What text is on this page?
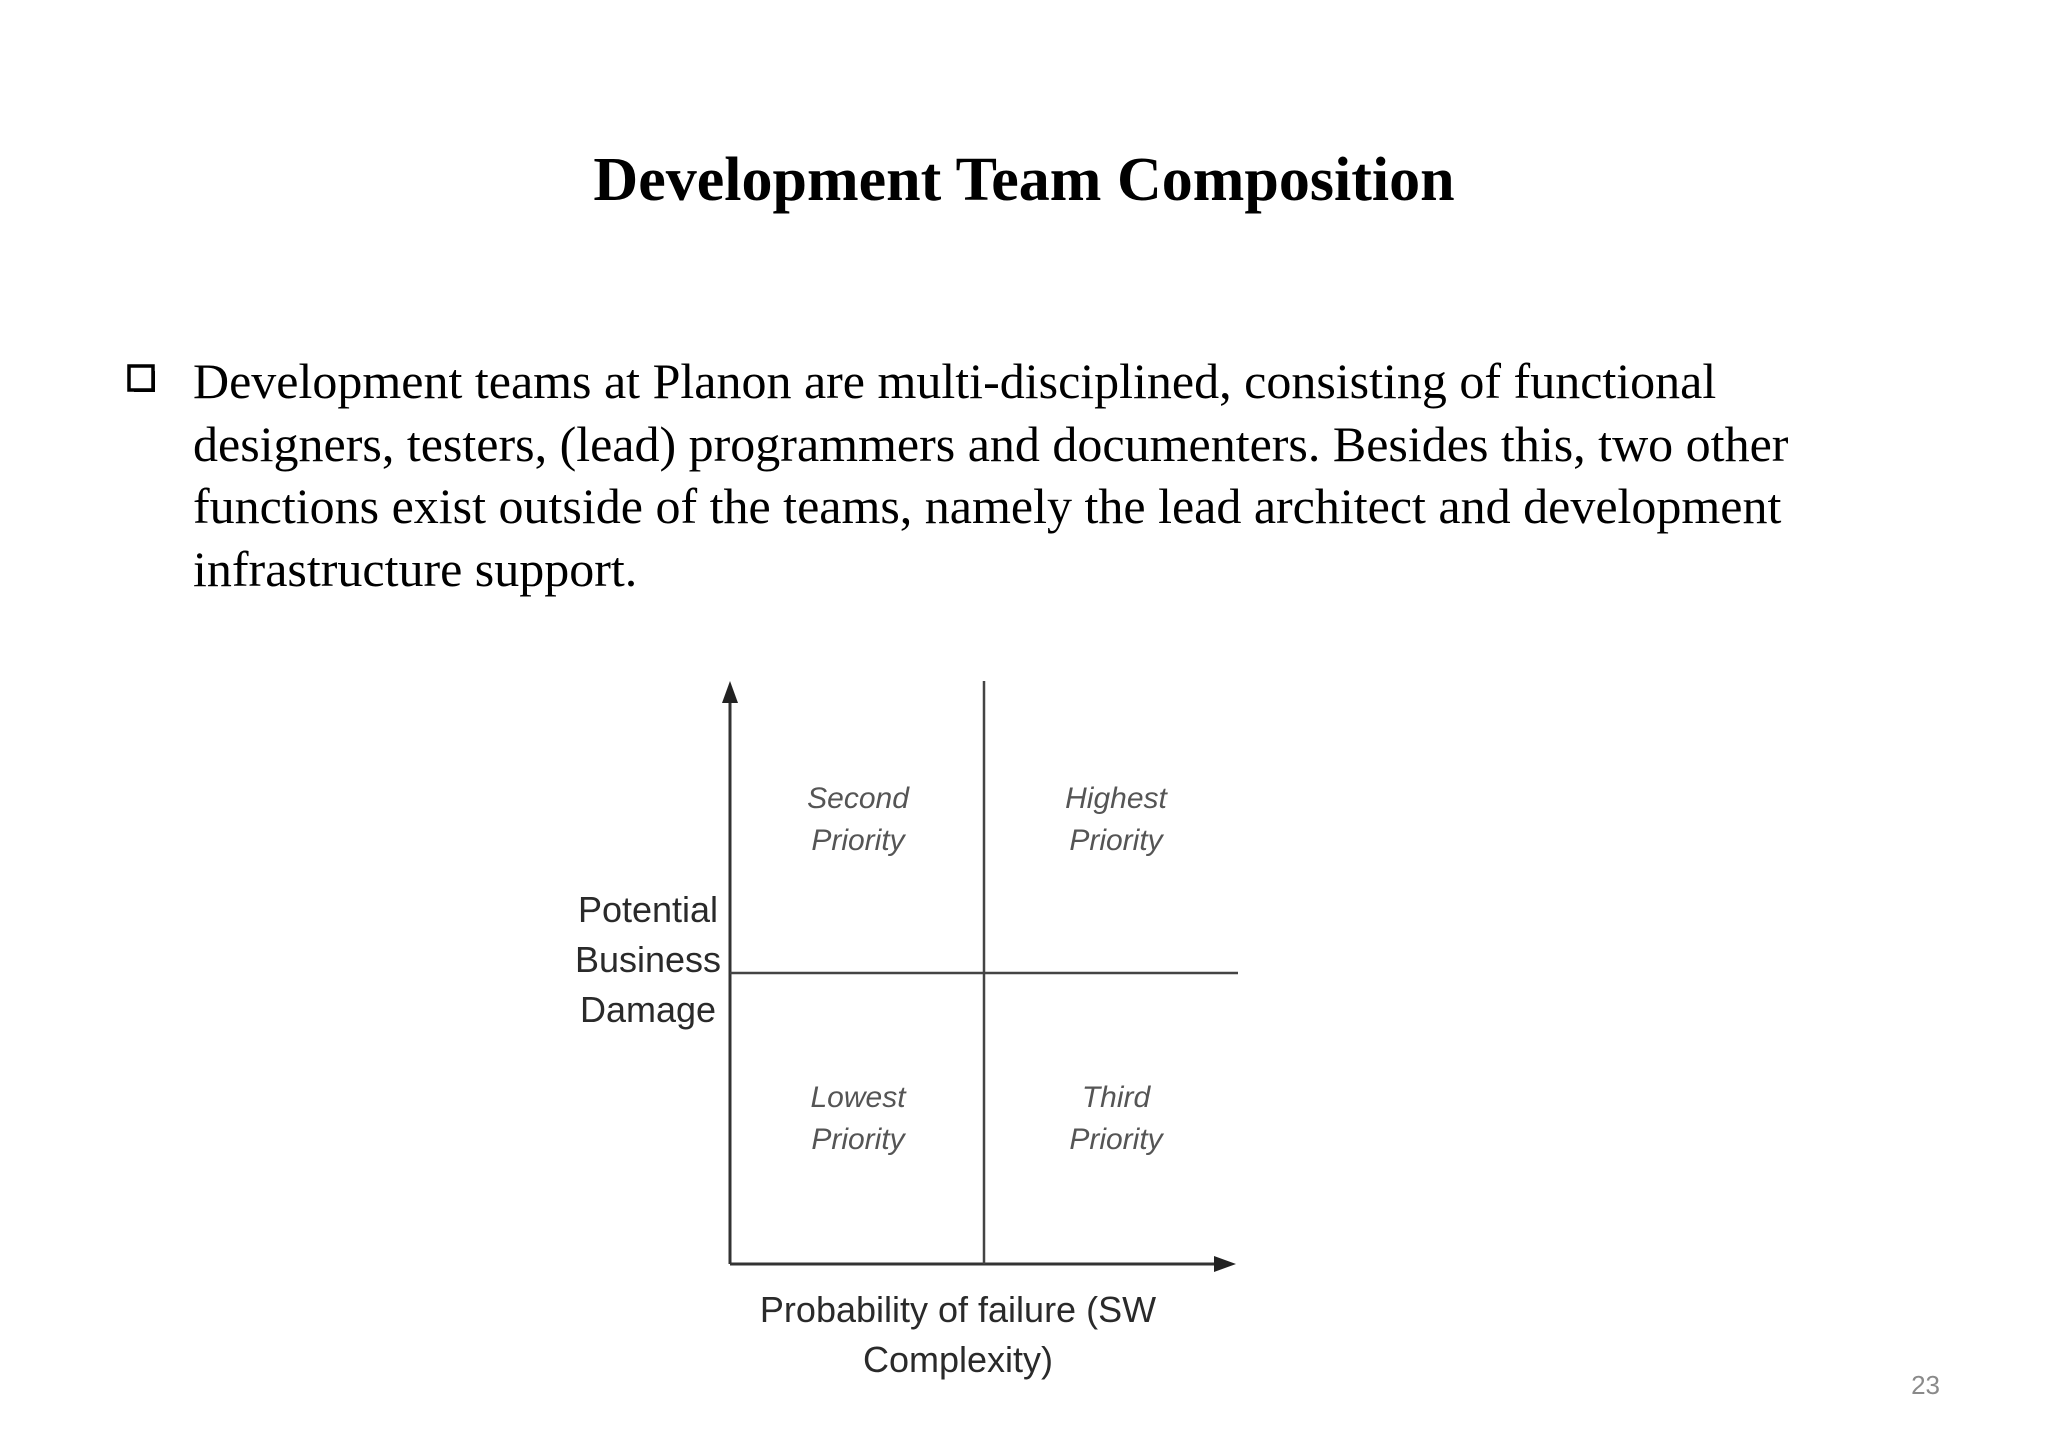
Development Team Composition

Development teams at Planon are multi-disciplined, consisting of functional designers, testers, (lead) programmers and documenters. Besides this, two other functions exist outside of the teams, namely the lead architect and development infrastructure support.

Second
Priority
Highest
Priority
Lowest
Priority
Third
Priority
Potential
Business
Damage
Probability of failure (SW
Complexity)
23
